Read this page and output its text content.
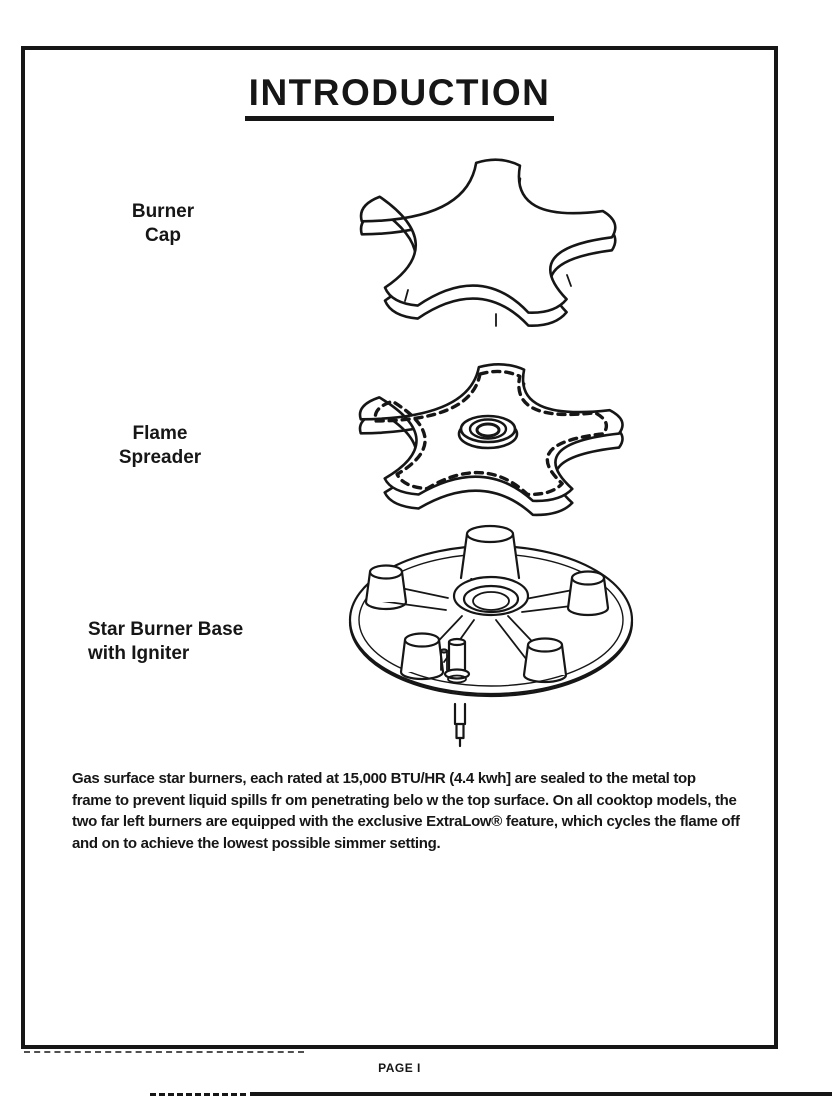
INTRODUCTION
Burner
Cap
Flame
Spreader
Star Burner Base
with Igniter
Gas surface star burners, each rated at 15,000 BTU/HR (4.4 kwh] are sealed to the metal top
frame to prevent liquid spills fr om penetrating belo w the top surface. On all cooktop models, the
two far left burners are equipped with the exclusive ExtraLow® feature, which cycles the flame off
and on to achieve the lowest possible simmer setting.
PAGE I
